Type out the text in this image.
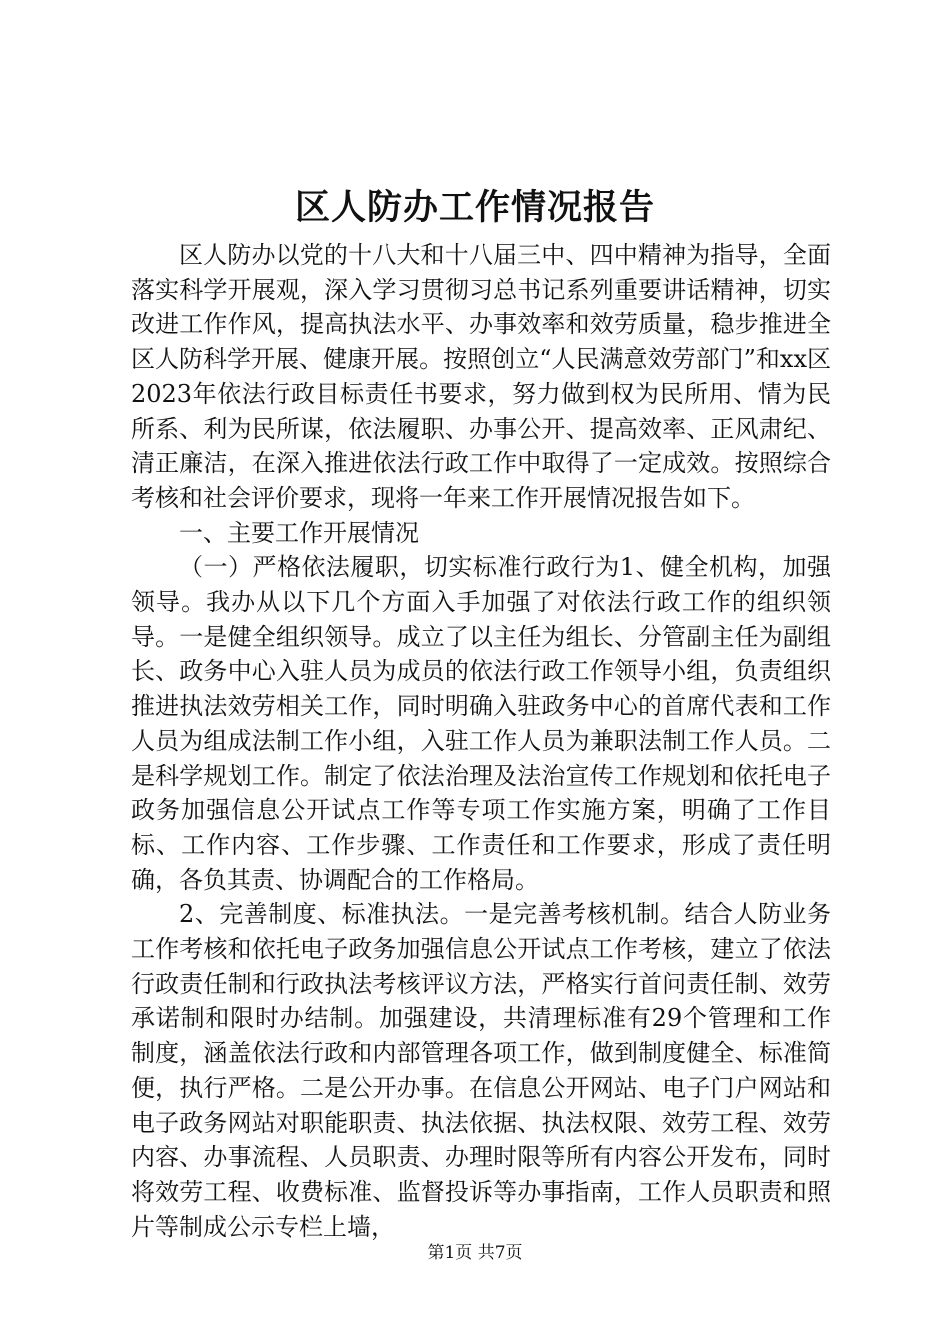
区人防办工作情况报告

区人防办以党的十八大和十八届三中、四中精神为指导，全面落实科学开展观，深入学习贯彻习总书记系列重要讲话精神，切实改进工作作风，提高执法水平、办事效率和效劳质量，稳步推进全区人防科学开展、健康开展。按照创立“人民满意效劳部门”和xx区2023年依法行政目标责任书要求，努力做到权为民所用、情为民所系、利为民所谋，依法履职、办事公开、提高效率、正风肃纪、清正廉洁，在深入推进依法行政工作中取得了一定成效。按照综合考核和社会评价要求，现将一年来工作开展情况报告如下。

一、主要工作开展情况

（一）严格依法履职，切实标准行政行为1、健全机构，加强领导。我办从以下几个方面入手加强了对依法行政工作的组织领导。一是健全组织领导。成立了以主任为组长、分管副主任为副组长、政务中心入驻人员为成员的依法行政工作领导小组，负责组织推进执法效劳相关工作，同时明确入驻政务中心的首席代表和工作人员为组成法制工作小组，入驻工作人员为兼职法制工作人员。二是科学规划工作。制定了依法治理及法治宣传工作规划和依托电子政务加强信息公开试点工作等专项工作实施方案，明确了工作目标、工作内容、工作步骤、工作责任和工作要求，形成了责任明确，各负其责、协调配合的工作格局。

2、完善制度、标准执法。一是完善考核机制。结合人防业务工作考核和依托电子政务加强信息公开试点工作考核，建立了依法行政责任制和行政执法考核评议方法，严格实行首问责任制、效劳承诺制和限时办结制。加强建设，共清理标准有29个管理和工作制度，涵盖依法行政和内部管理各项工作，做到制度健全、标准简便，执行严格。二是公开办事。在信息公开网站、电子门户网站和电子政务网站对职能职责、执法依据、执法权限、效劳工程、效劳内容、办事流程、人员职责、办理时限等所有内容公开发布，同时将效劳工程、收费标准、监督投诉等办事指南，工作人员职责和照片等制成公示专栏上墙，

第1页 共7页
